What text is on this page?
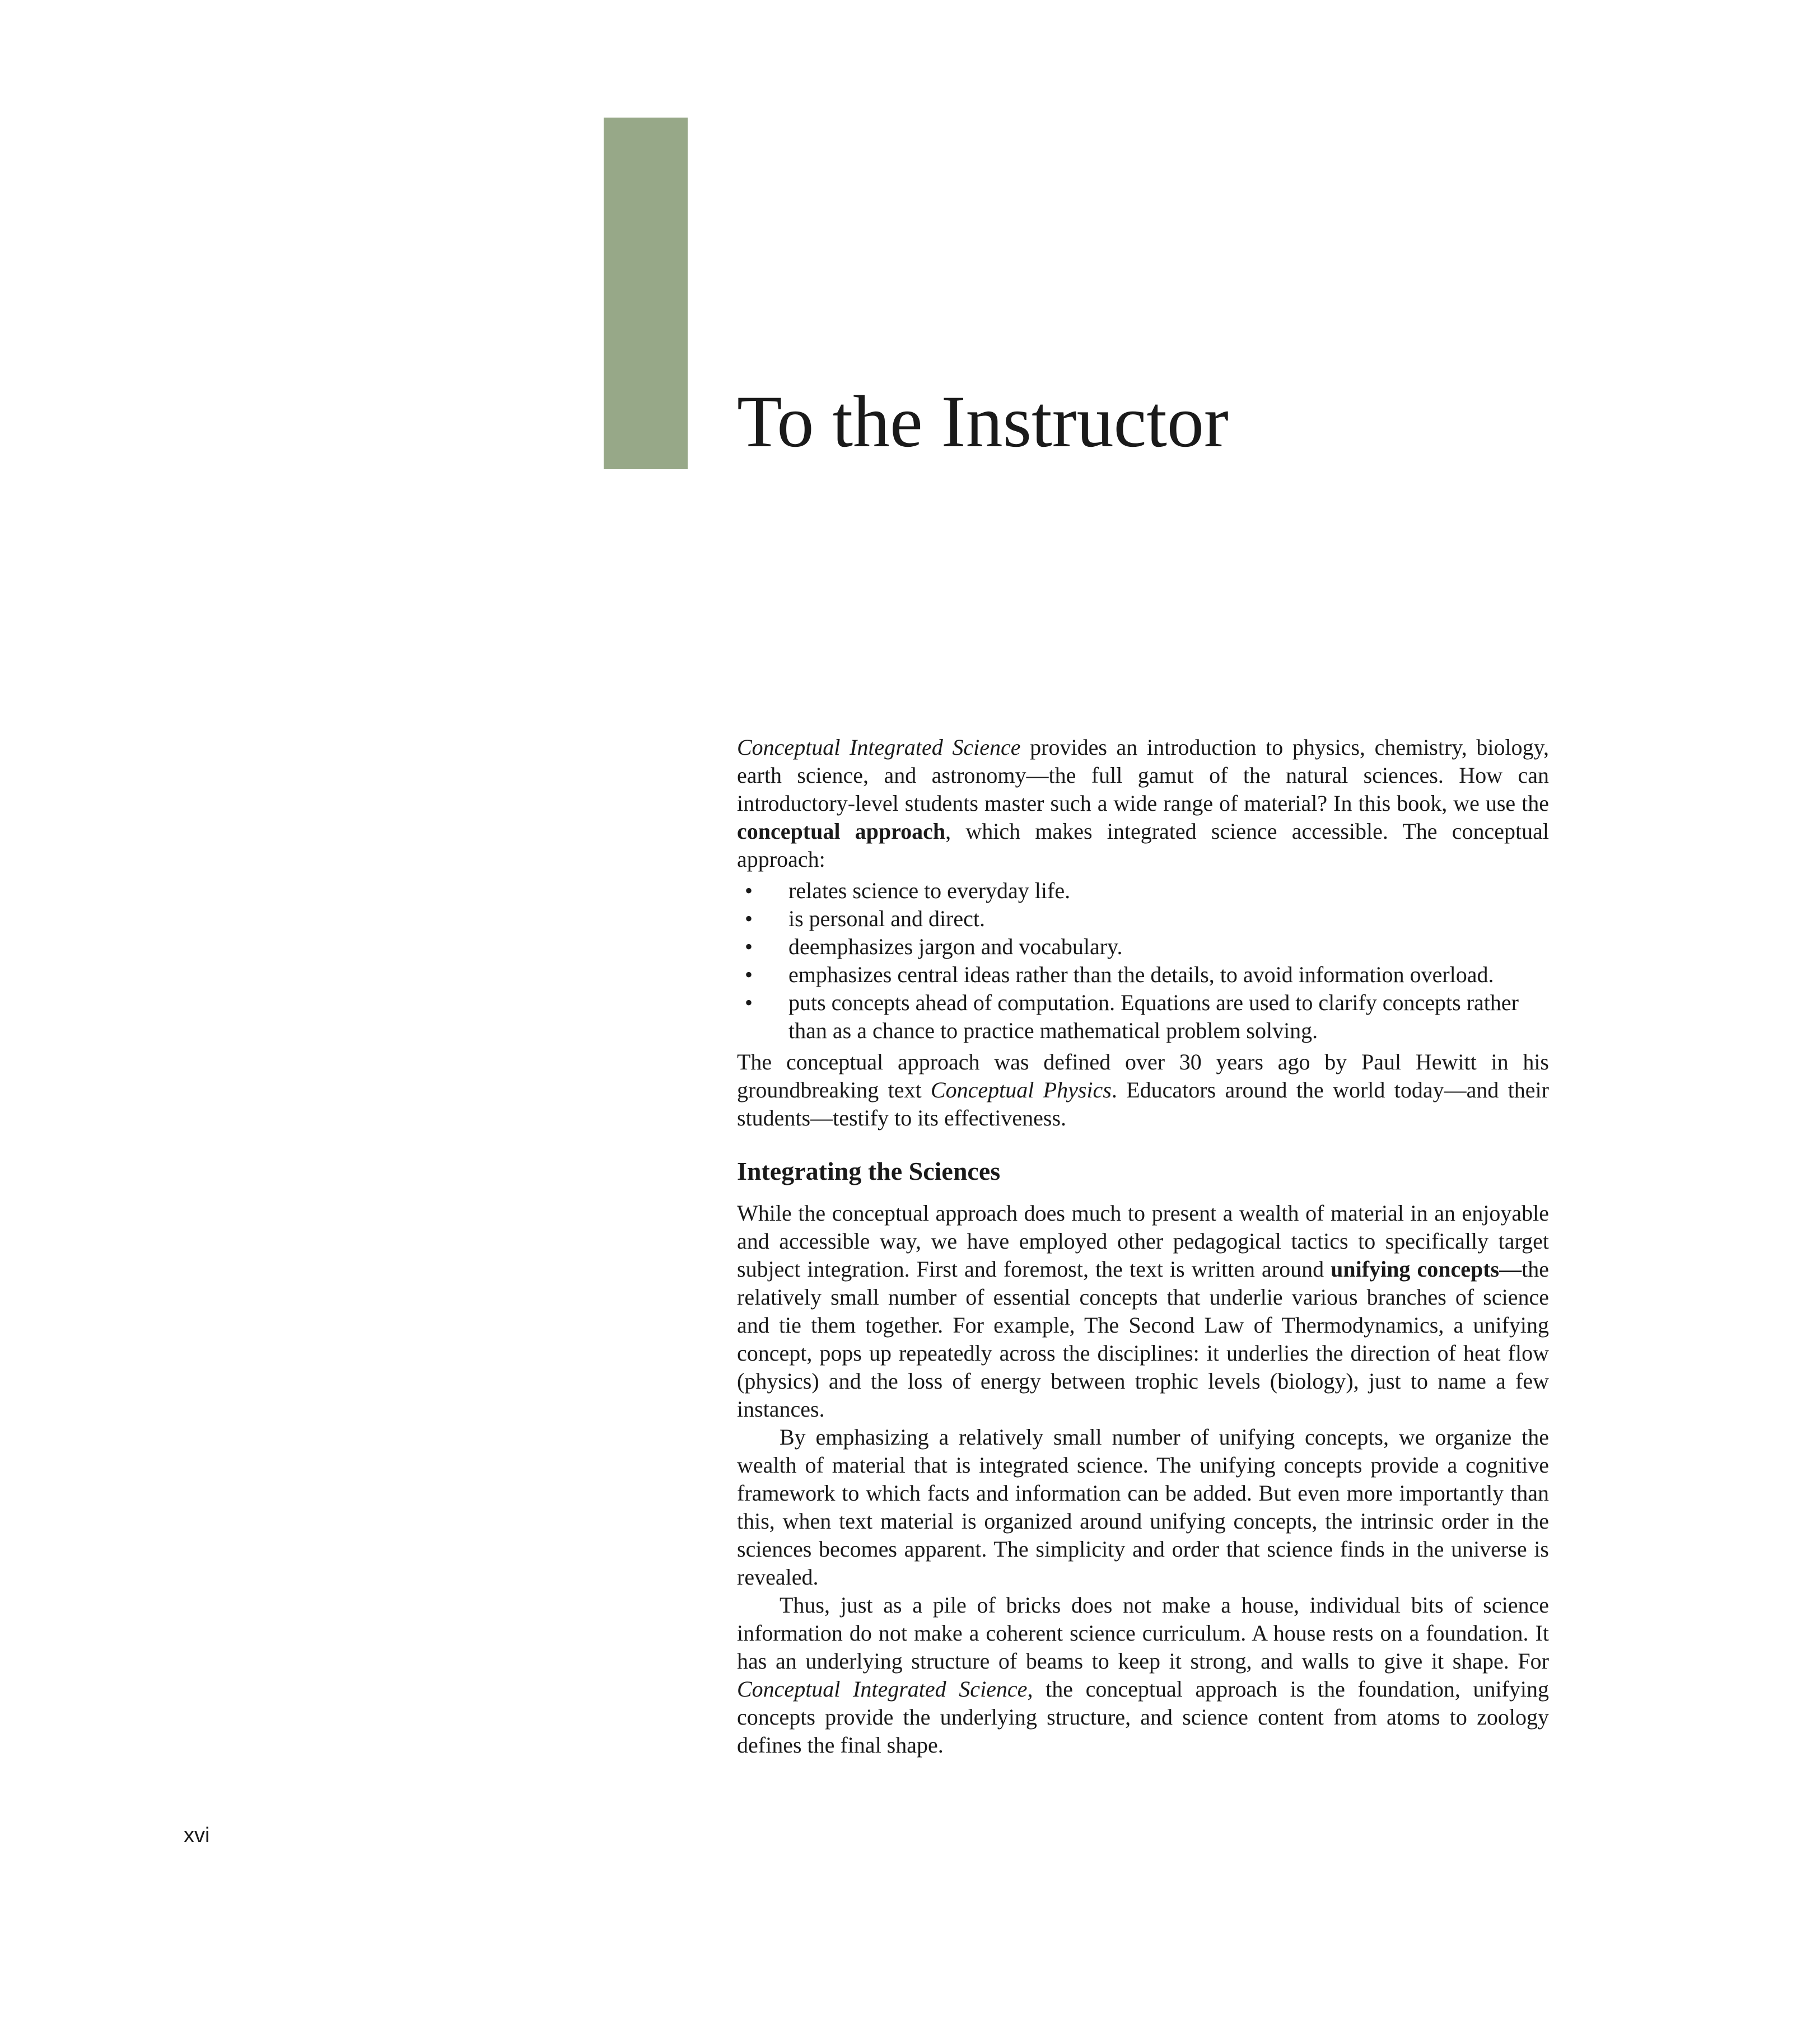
To the Instructor

Conceptual Integrated Science provides an introduction to physics, chemistry, biology, earth science, and astronomy—the full gamut of the natural sciences. How can introductory-level students master such a wide range of material? In this book, we use the conceptual approach, which makes integrated science accessible. The conceptual approach:

•	relates science to everyday life.
•	is personal and direct.
•	deemphasizes jargon and vocabulary.
•	emphasizes central ideas rather than the details, to avoid information overload.
•	puts concepts ahead of computation. Equations are used to clarify concepts rather than as a chance to practice mathematical problem solving.

The conceptual approach was defined over 30 years ago by Paul Hewitt in his groundbreaking text Conceptual Physics. Educators around the world today—and their students—testify to its effectiveness.

Integrating the Sciences

While the conceptual approach does much to present a wealth of material in an enjoyable and accessible way, we have employed other pedagogical tactics to specifically target subject integration. First and foremost, the text is written around unifying concepts—the relatively small number of essential concepts that underlie various branches of science and tie them together. For example, The Second Law of Thermodynamics, a unifying concept, pops up repeatedly across the disciplines: it underlies the direction of heat flow (physics) and the loss of energy between trophic levels (biology), just to name a few instances.

By emphasizing a relatively small number of unifying concepts, we organize the wealth of material that is integrated science. The unifying concepts provide a cognitive framework to which facts and information can be added. But even more importantly than this, when text material is organized around unifying concepts, the intrinsic order in the sciences becomes apparent. The simplicity and order that science finds in the universe is revealed.

Thus, just as a pile of bricks does not make a house, individual bits of science information do not make a coherent science curriculum. A house rests on a foundation. It has an underlying structure of beams to keep it strong, and walls to give it shape. For Conceptual Integrated Science, the conceptual approach is the foundation, unifying concepts provide the underlying structure, and science content from atoms to zoology defines the final shape.

xvi
